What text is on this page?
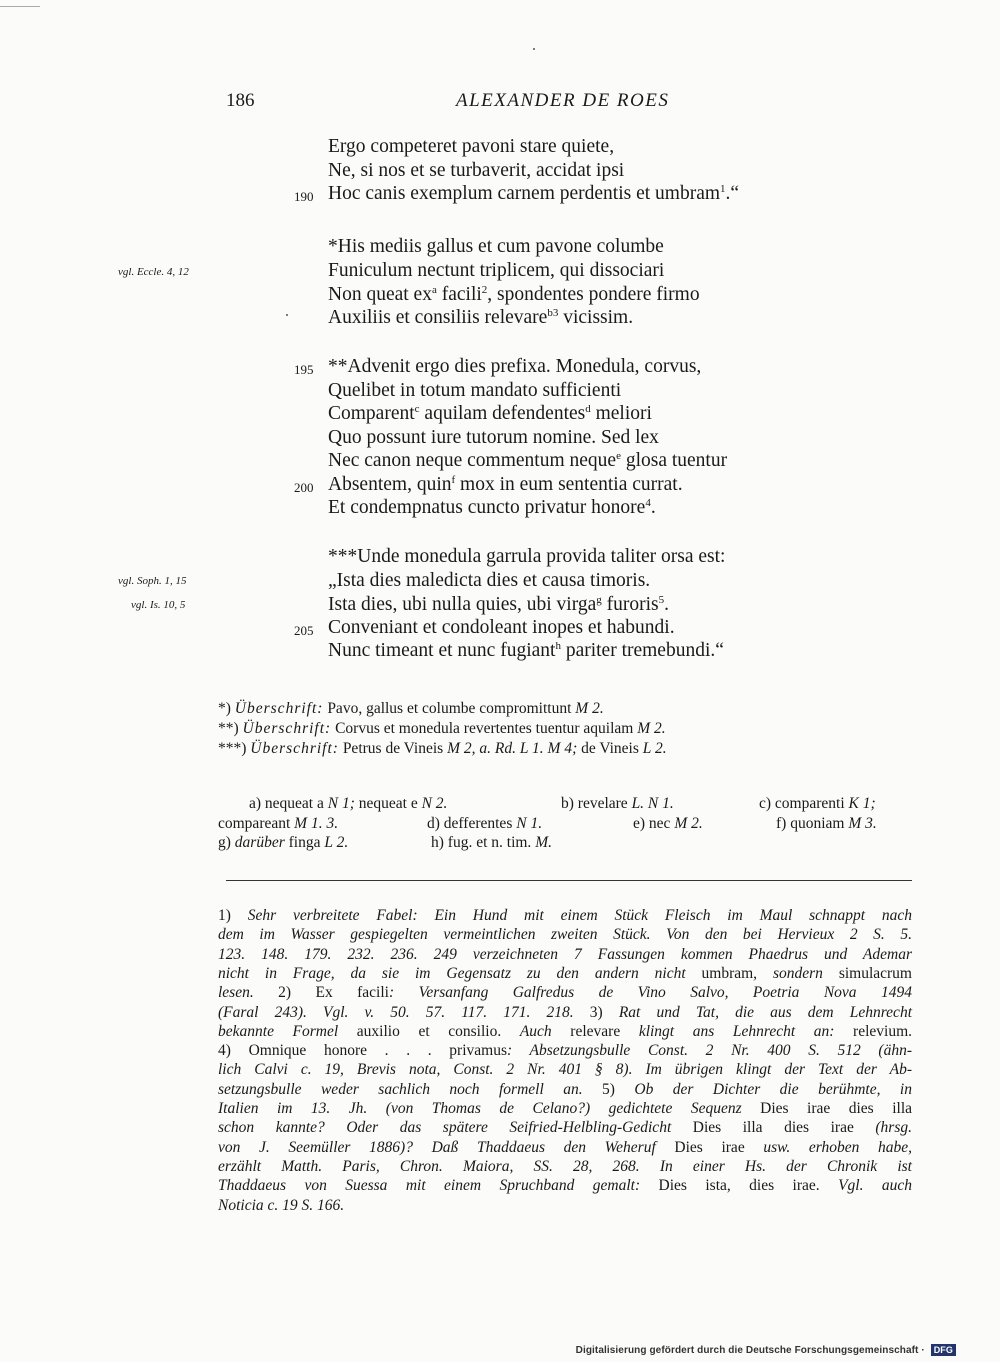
186	ALEXANDER DE ROES
Ergo competeret pavoni stare quiete,
Ne, si nos et se turbaverit, accidat ipsi
Hoc canis exemplum carnem perdentis et umbram$^1$.“
*His mediis gallus et cum pavone columbe
Funiculum nectunt triplicem, qui dissociari
Non queat $ex^a$ facili$^2$, spondentes pondere firmo
Auxiliis et consiliis relevare$^{b3}$ vicissim.
**Advenit ergo dies prefixa. Monedula, corvus,
Quelibet in totum mandato sufficienti
Comparent$^c$ aquilam defendentes$^d$ meliori
Quo possunt iure tutorum nomine. Sed lex
Nec canon neque commentum neque$^e$ glosa tuentur
Absentem, quin$^f$ mox in eum sententia currat.
Et condempnatus cuncto privatur honore$^4$.
***Unde monedula garrula provida taliter orsa est:
„Ista dies maledicta dies et causa timoris.
Ista dies, ubi nulla quies, ubi virga$^g$ furoris$^5$.
Conveniant et condoleant inopes et habundi.
Nunc timeant et nunc fugiant$^h$ pariter tremebundi.“
190
195
200
205
vgl. Eccle. 4, 12
vgl. Soph. 1, 15
vgl. Is. 10, 5
*) Überschrift: Pavo, gallus et columbe compromittunt M 2.
**) Überschrift: Corvus et monedula revertentes tuentur aquilam M 2.
***) Überschrift: Petrus de Vineis M 2, a. Rd. L 1. M 4; de Vineis L 2.
a) nequeat a N 1; nequeat e N 2.	b) revelare L. N 1.	c) comparenti K 1;
compareant M 1. 3.	d) defferentes N 1.	e) nec M 2.	f) quoniam M 3.
g) darüber finga L 2.	h) fug. et n. tim. M.
1) Sehr verbreitete Fabel: Ein Hund mit einem Stück Fleisch im Maul schnappt nach
dem im Wasser gespiegelten vermeintlichen zweiten Stück. Von den bei Hervieux 2 S. 5.
123. 148. 179. 232. 236. 249 verzeichneten 7 Fassungen kommen Phaedrus und Ademar
nicht in Frage, da sie im Gegensatz zu den andern nicht umbram, sondern simulacrum
lesen. 2) Ex facili: Versanfang Galfredus de Vino Salvo, Poetria Nova 1494
(Faral 243). Vgl. v. 50. 57. 117. 171. 218. 3) Rat und Tat, die aus dem Lehnrecht
bekannte Formel auxilio et consilio. Auch relevare klingt ans Lehnrecht an: relevium.
4) Omnique honore . . . privamus: Absetzungsbulle Const. 2 Nr. 400 S. 512 (ähn-
lich Calvi c. 19, Brevis nota, Const. 2 Nr. 401 § 8). Im übrigen klingt der Text der Ab-
setzungsbulle weder sachlich noch formell an. 5) Ob der Dichter die berühmte, in
Italien im 13. Jh. (von Thomas de Celano?) gedichtete Sequenz Dies irae dies illa
schon kannte? Oder das spätere Seifried-Helbling-Gedicht Dies illa dies irae (hrsg.
von J. Seemüller 1886)? Daß Thaddaeus den Weheruf Dies irae usw. erhoben habe,
erzählt Matth. Paris, Chron. Maiora, SS. 28, 268. In einer Hs. der Chronik ist
Thaddaeus von Suessa mit einem Spruchband gemalt: Dies ista, dies irae. Vgl. auch
Noticia c. 19 S. 166.
Digitalisierung gefördert durch die Deutsche Forschungsgemeinschaft · DFG
